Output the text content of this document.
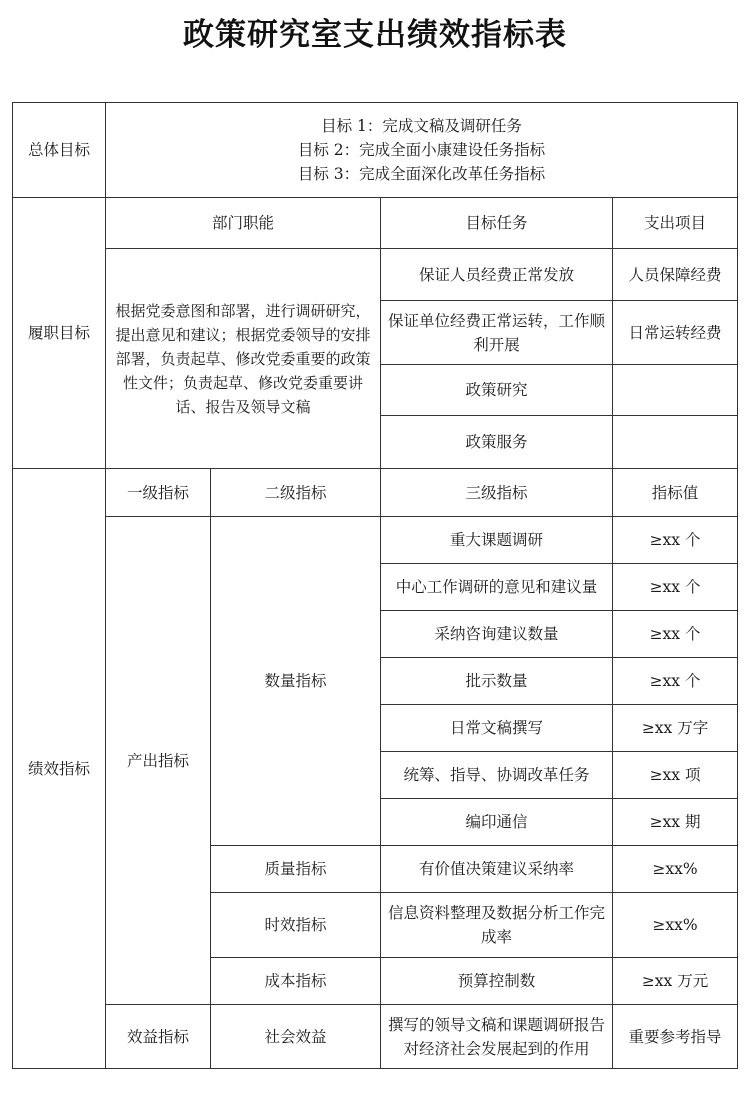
政策研究室支出绩效指标表
总体目标	目标 1：完成文稿及调研任务
目标 2：完成全面小康建设任务指标
目标 3：完成全面深化改革任务指标			

履职目标	部门职能		目标任务	支出项目
	根据党委意图和部署，进行调研研究，提出意见和建议；根据党委领导的安排部署，负责起草、修改党委重要的政策性文件；负责起草、修改党委重要讲话、报告及领导文稿		保证人员经费正常发放	人员保障经费
			保证单位经费正常运转，工作顺利开展	日常运转经费
			政策研究	
			政策服务	
绩效指标	一级指标	二级指标	三级指标	指标值
	产出指标	数量指标	重大课题调研	≥xx 个
			中心工作调研的意见和建议量	≥xx 个
			采纳咨询建议数量	≥xx 个
			批示数量	≥xx 个
			日常文稿撰写	≥xx 万字
			统筹、指导、协调改革任务	≥xx 项
			编印通信	≥xx 期
		质量指标	有价值决策建议采纳率	≥xx%
		时效指标	信息资料整理及数据分析工作完成率	≥xx%
		成本指标	预算控制数	≥xx 万元
	效益指标	社会效益	撰写的领导文稿和课题调研报告对经济社会发展起到的作用	重要参考指导
